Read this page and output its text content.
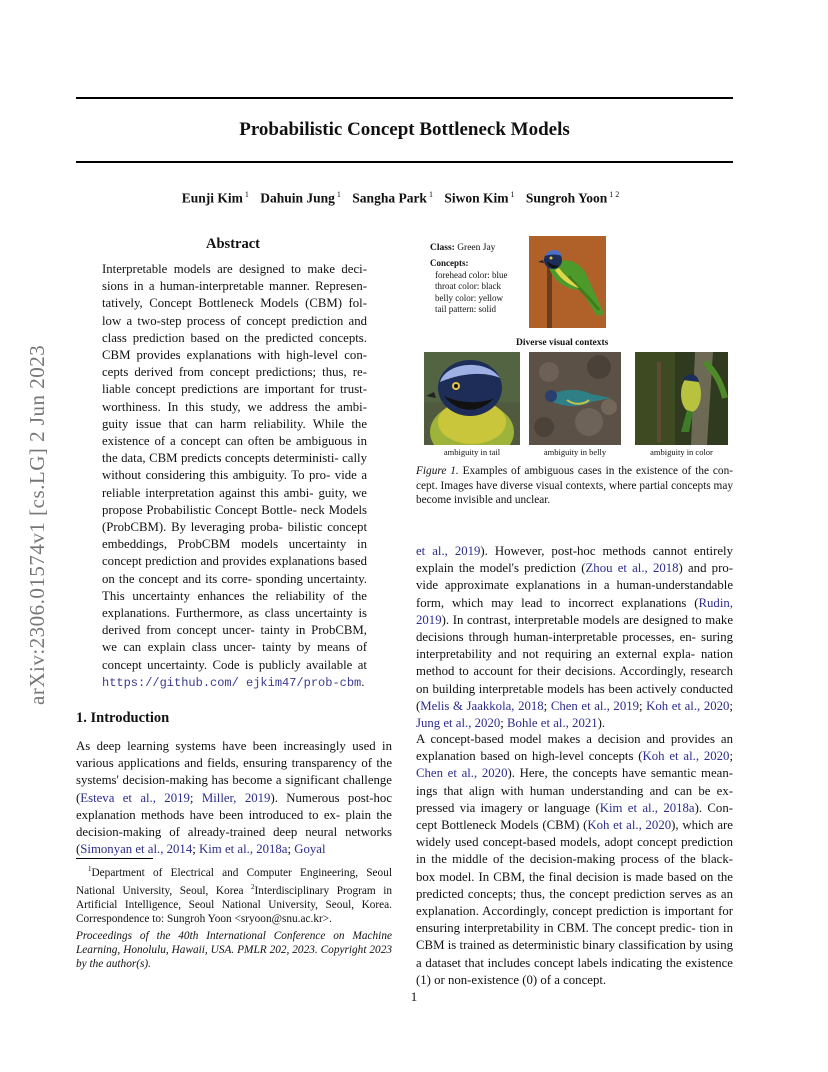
Probabilistic Concept Bottleneck Models
Eunji Kim $^1$ Dahuin Jung $^1$ Sangha Park $^1$ Siwon Kim $^1$ Sungroh Yoon $^{1 2}$
arXiv:2306.01574v1 [cs.LG] 2 Jun 2023
Abstract
Interpretable models are designed to make deci- sions in a human-interpretable manner. Represen- tatively, Concept Bottleneck Models (CBM) fol- low a two-step process of concept prediction and class prediction based on the predicted concepts. CBM provides explanations with high-level con- cepts derived from concept predictions; thus, re- liable concept predictions are important for trust- worthiness. In this study, we address the ambi- guity issue that can harm reliability. While the existence of a concept can often be ambiguous in the data, CBM predicts concepts deterministi- cally without considering this ambiguity. To pro- vide a reliable interpretation against this ambi- guity, we propose Probabilistic Concept Bottle- neck Models (ProbCBM). By leveraging proba- bilistic concept embeddings, ProbCBM models uncertainty in concept prediction and provides explanations based on the concept and its corre- sponding uncertainty. This uncertainty enhances the reliability of the explanations. Furthermore, as class uncertainty is derived from concept uncer- tainty in ProbCBM, we can explain class uncer- tainty by means of concept uncertainty. Code is publicly available at https://github.com/ ejkim47/prob-cbm.
1. Introduction
As deep learning systems have been increasingly used in various applications and fields, ensuring transparency of the systems' decision-making has become a significant challenge (Esteva et al., 2019; Miller, 2019). Numerous post-hoc explanation methods have been introduced to ex- plain the decision-making of already-trained deep neural networks (Simonyan et al., 2014; Kim et al., 2018a; Goyal

$^1$Department of Electrical and Computer Engineering, Seoul National University, Seoul, Korea $^2$Interdisciplinary Program in Artificial Intelligence, Seoul National University, Seoul, Korea. Correspondence to: Sungroh Yoon <sryoon@snu.ac.kr>.

Proceedings of the 40th International Conference on Machine Learning, Honolulu, Hawaii, USA. PMLR 202, 2023. Copyright 2023 by the author(s).

Class: Green Jay
Concepts:
forehead color: blue
throat color: black
belly color: yellow
tail pattern: solid
Diverse visual contexts
ambiguity in tail	ambiguity in belly	ambiguity in color
Figure 1. Examples of ambiguous cases in the existence of the con- cept. Images have diverse visual contexts, where partial concepts may become invisible and unclear.
et al., 2019). However, post-hoc methods cannot entirely explain the model's prediction (Zhou et al., 2018) and pro- vide approximate explanations in a human-understandable form, which may lead to incorrect explanations (Rudin, 2019). In contrast, interpretable models are designed to make decisions through human-interpretable processes, en- suring interpretability and not requiring an external expla- nation method to account for their decisions. Accordingly, research on building interpretable models has been actively conducted (Melis & Jaakkola, 2018; Chen et al., 2019; Koh et al., 2020; Jung et al., 2020; Bohle et al., 2021).
A concept-based model makes a decision and provides an explanation based on high-level concepts (Koh et al., 2020; Chen et al., 2020). Here, the concepts have semantic mean- ings that align with human understanding and can be ex- pressed via imagery or language (Kim et al., 2018a). Con- cept Bottleneck Models (CBM) (Koh et al., 2020), which are widely used concept-based models, adopt concept prediction in the middle of the decision-making process of the black- box model. In CBM, the final decision is made based on the predicted concepts; thus, the concept prediction serves as an explanation. Accordingly, concept prediction is important for ensuring interpretability in CBM. The concept predic- tion in CBM is trained as deterministic binary classification by using a dataset that includes concept labels indicating the existence (1) or non-existence (0) of a concept.
1
